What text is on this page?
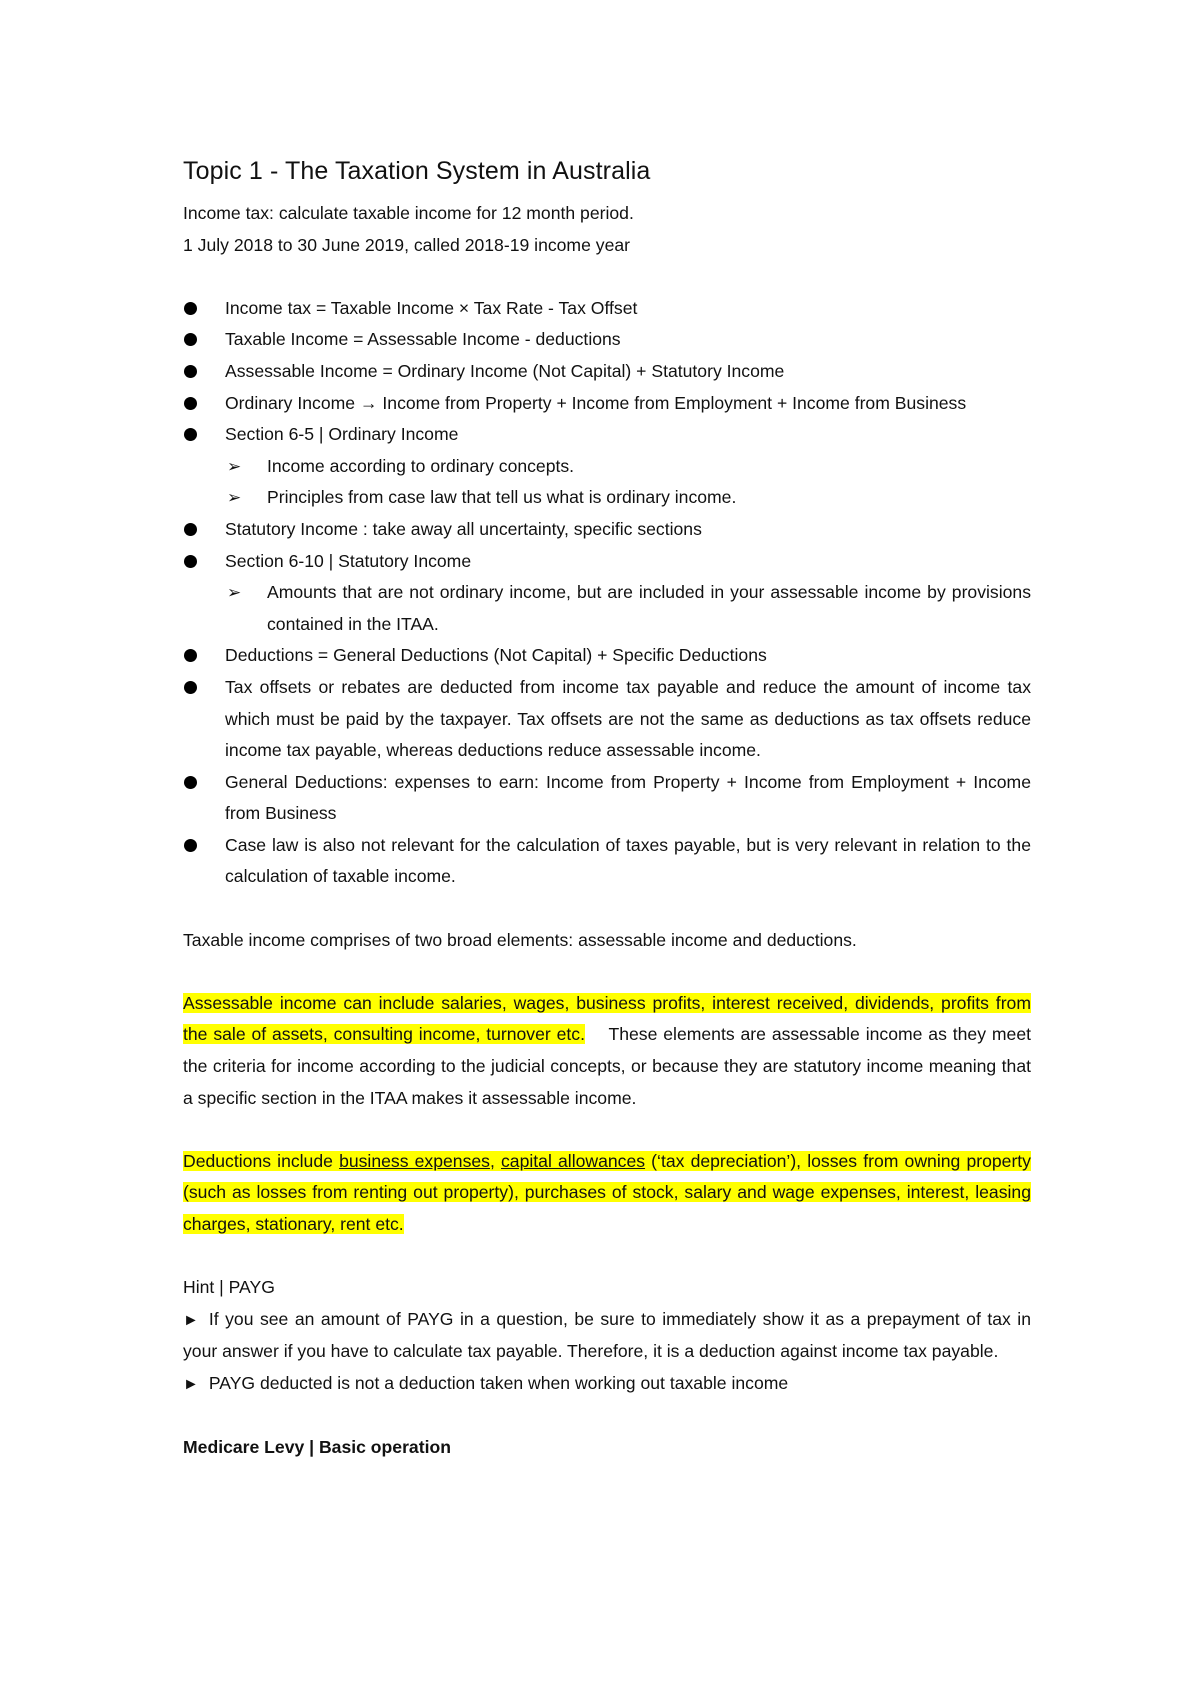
Topic 1 - The Taxation System in Australia

Income tax: calculate taxable income for 12 month period.

1 July 2018 to 30 June 2019, called 2018-19 income year

Income tax = Taxable Income × Tax Rate - Tax Offset
Taxable Income = Assessable Income - deductions
Assessable Income = Ordinary Income (Not Capital) + Statutory Income
Ordinary Income → Income from Property + Income from Employment + Income from Business
Section 6-5 | Ordinary Income
➢ Income according to ordinary concepts.
➢ Principles from case law that tell us what is ordinary income.
Statutory Income : take away all uncertainty, specific sections
Section 6-10 | Statutory Income
➢ Amounts that are not ordinary income, but are included in your assessable income by provisions contained in the ITAA.
Deductions = General Deductions (Not Capital) + Specific Deductions
Tax offsets or rebates are deducted from income tax payable and reduce the amount of income tax which must be paid by the taxpayer. Tax offsets are not the same as deductions as tax offsets reduce income tax payable, whereas deductions reduce assessable income.
General Deductions: expenses to earn: Income from Property + Income from Employment + Income from Business
Case law is also not relevant for the calculation of taxes payable, but is very relevant in relation to the calculation of taxable income.

Taxable income comprises of two broad elements: assessable income and deductions.

Assessable income can include salaries, wages, business profits, interest received, dividends, profits from the sale of assets, consulting income, turnover etc. These elements are assessable income as they meet the criteria for income according to the judicial concepts, or because they are statutory income meaning that a specific section in the ITAA makes it assessable income.

Deductions include business expenses, capital allowances (‘tax depreciation’), losses from owning property (such as losses from renting out property), purchases of stock, salary and wage expenses, interest, leasing charges, stationary, rent etc.

Hint | PAYG

► If you see an amount of PAYG in a question, be sure to immediately show it as a prepayment of tax in your answer if you have to calculate tax payable. Therefore, it is a deduction against income tax payable.

► PAYG deducted is not a deduction taken when working out taxable income

Medicare Levy | Basic operation
